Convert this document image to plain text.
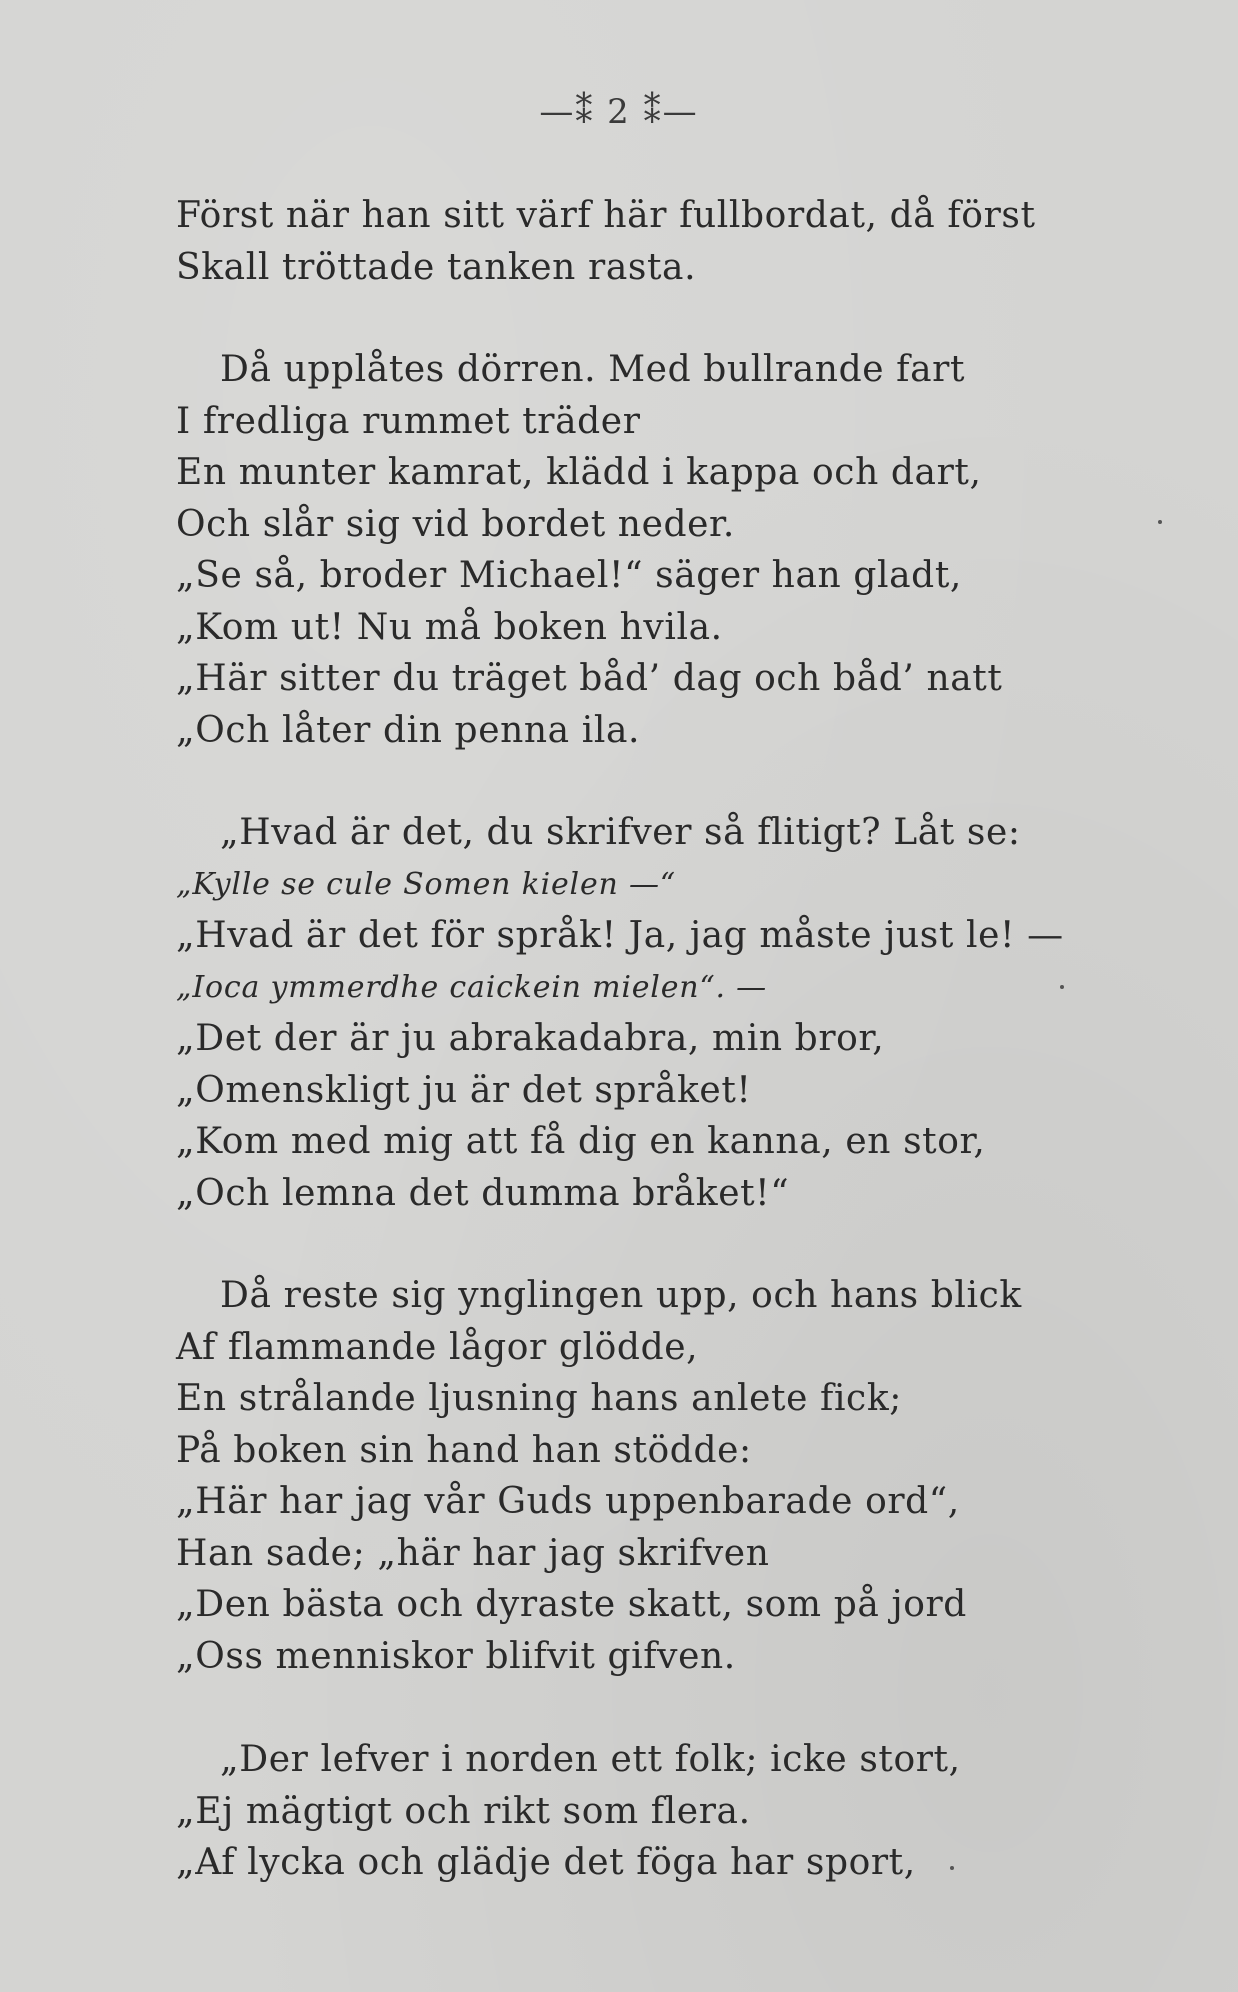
—⁑ 2 ⁑—
Först när han sitt värf här fullbordat, då först
Skall tröttade tanken rasta.
Då upplåtes dörren. Med bullrande fart
I fredliga rummet träder
En munter kamrat, klädd i kappa och dart,
Och slår sig vid bordet neder.
„Se så, broder Michael!“ säger han gladt,
„Kom ut! Nu må boken hvila.
„Här sitter du träget båd’ dag och båd’ natt
„Och låter din penna ila.
„Hvad är det, du skrifver så flitigt? Låt se:
„Kylle se cule Somen kielen —“
„Hvad är det för språk! Ja, jag måste just le! —
„Ioca ymmerdhe caickein mielen“. —
„Det der är ju abrakadabra, min bror,
„Omenskligt ju är det språket!
„Kom med mig att få dig en kanna, en stor,
„Och lemna det dumma bråket!“
Då reste sig ynglingen upp, och hans blick
Af flammande lågor glödde,
En strålande ljusning hans anlete fick;
På boken sin hand han stödde:
„Här har jag vår Guds uppenbarade ord“,
Han sade; „här har jag skrifven
„Den bästa och dyraste skatt, som på jord
„Oss menniskor blifvit gifven.
„Der lefver i norden ett folk; icke stort,
„Ej mägtigt och rikt som flera.
„Af lycka och glädje det föga har sport,
